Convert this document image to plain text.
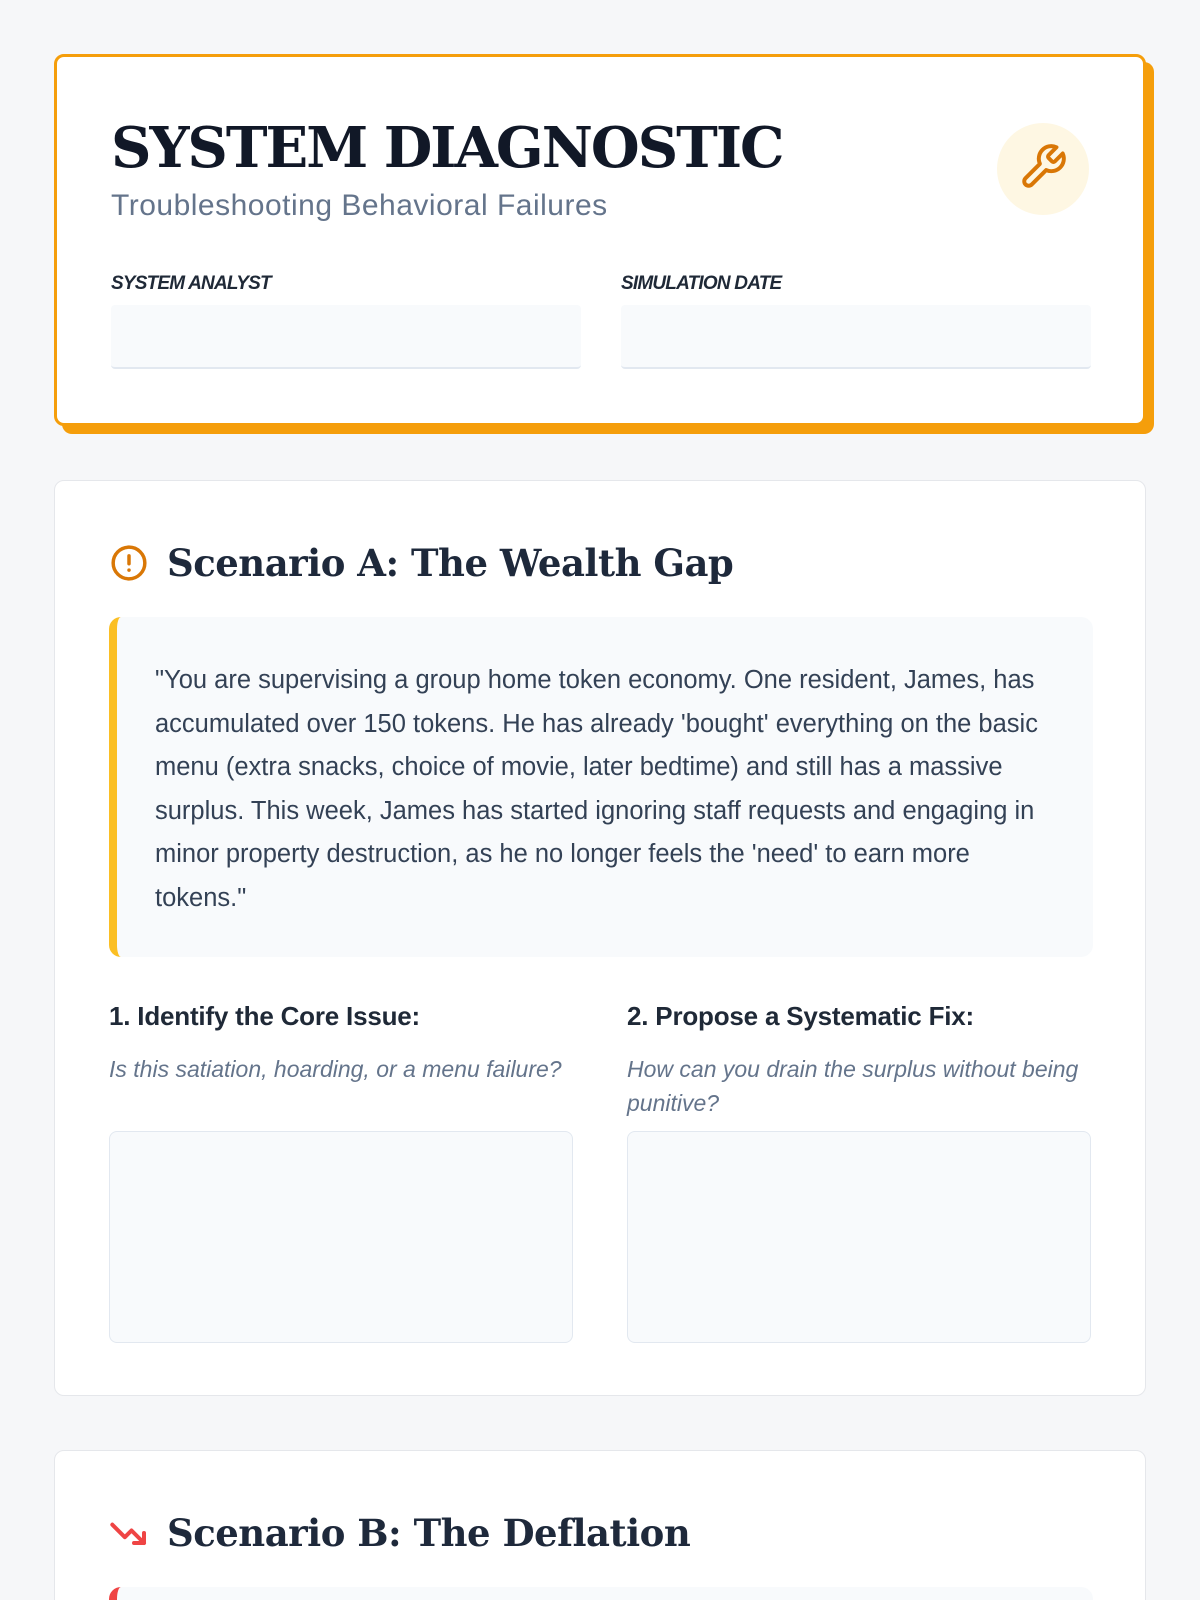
SYSTEM DIAGNOSTIC
Troubleshooting Behavioral Failures
SYSTEM ANALYST	SIMULATION DATE
Scenario A: The Wealth Gap

"You are supervising a group home token economy. One resident, James, has accumulated over 150 tokens. He has already 'bought' everything on the basic menu (extra snacks, choice of movie, later bedtime) and still has a massive surplus. This week, James has started ignoring staff requests and engaging in minor property destruction, as he no longer feels the 'need' to earn more tokens."

1. Identify the Core Issue:
Is this satiation, hoarding, or a menu failure?
2. Propose a Systematic Fix:
How can you drain the surplus without being punitive?
Scenario B: The Deflation
